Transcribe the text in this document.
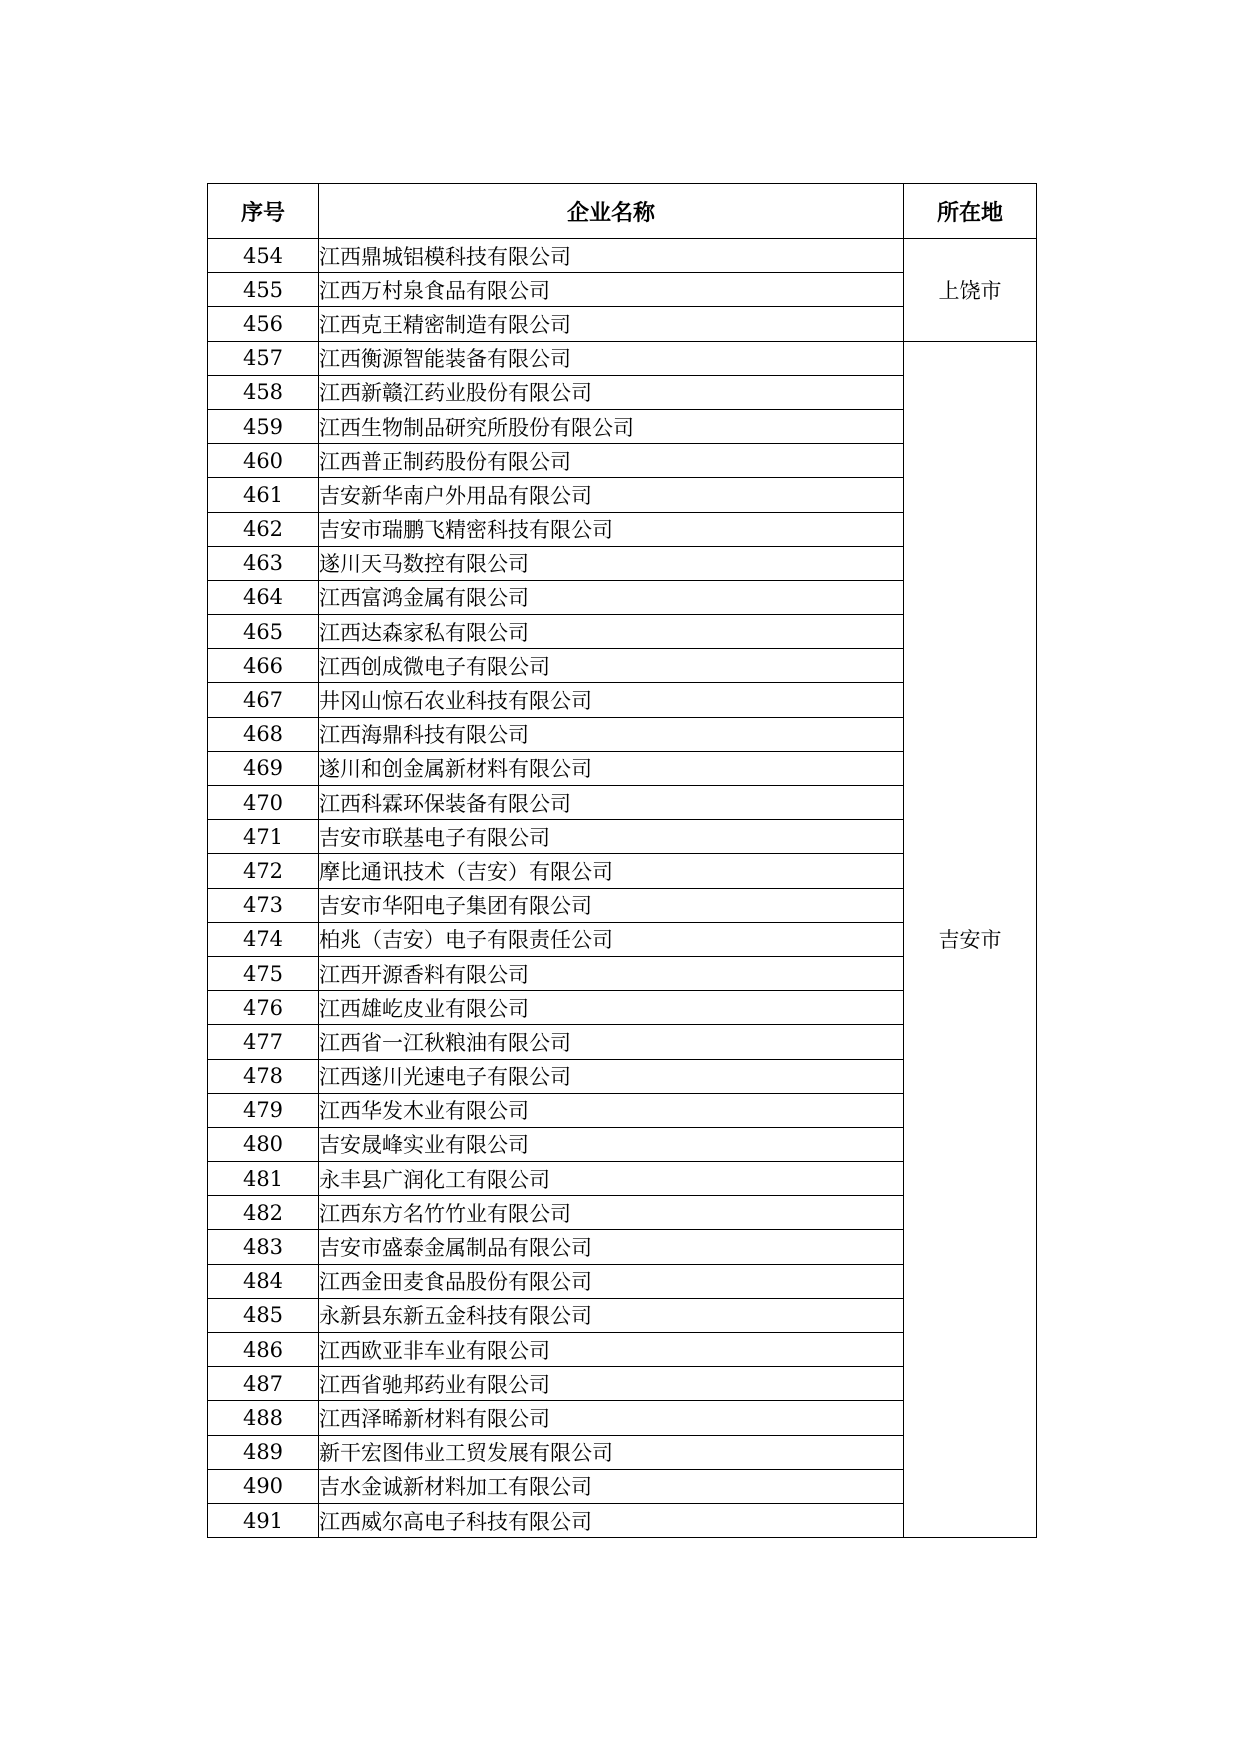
序号	企业名称	所在地
454	江西鼎城铝模科技有限公司	上饶市
455	江西万村泉食品有限公司	
456	江西克王精密制造有限公司	
457	江西衡源智能装备有限公司	吉安市
458	江西新赣江药业股份有限公司	
459	江西生物制品研究所股份有限公司	
460	江西普正制药股份有限公司	
461	吉安新华南户外用品有限公司	
462	吉安市瑞鹏飞精密科技有限公司	
463	遂川天马数控有限公司	
464	江西富鸿金属有限公司	
465	江西达森家私有限公司	
466	江西创成微电子有限公司	
467	井冈山惊石农业科技有限公司	
468	江西海鼎科技有限公司	
469	遂川和创金属新材料有限公司	
470	江西科霖环保装备有限公司	
471	吉安市联基电子有限公司	
472	摩比通讯技术（吉安）有限公司	
473	吉安市华阳电子集团有限公司	
474	柏兆（吉安）电子有限责任公司	
475	江西开源香料有限公司	
476	江西雄屹皮业有限公司	
477	江西省一江秋粮油有限公司	
478	江西遂川光速电子有限公司	
479	江西华发木业有限公司	
480	吉安晟峰实业有限公司	
481	永丰县广润化工有限公司	
482	江西东方名竹竹业有限公司	
483	吉安市盛泰金属制品有限公司	
484	江西金田麦食品股份有限公司	
485	永新县东新五金科技有限公司	
486	江西欧亚非车业有限公司	
487	江西省驰邦药业有限公司	
488	江西泽晞新材料有限公司	
489	新干宏图伟业工贸发展有限公司	
490	吉水金诚新材料加工有限公司	
491	江西威尔高电子科技有限公司	
